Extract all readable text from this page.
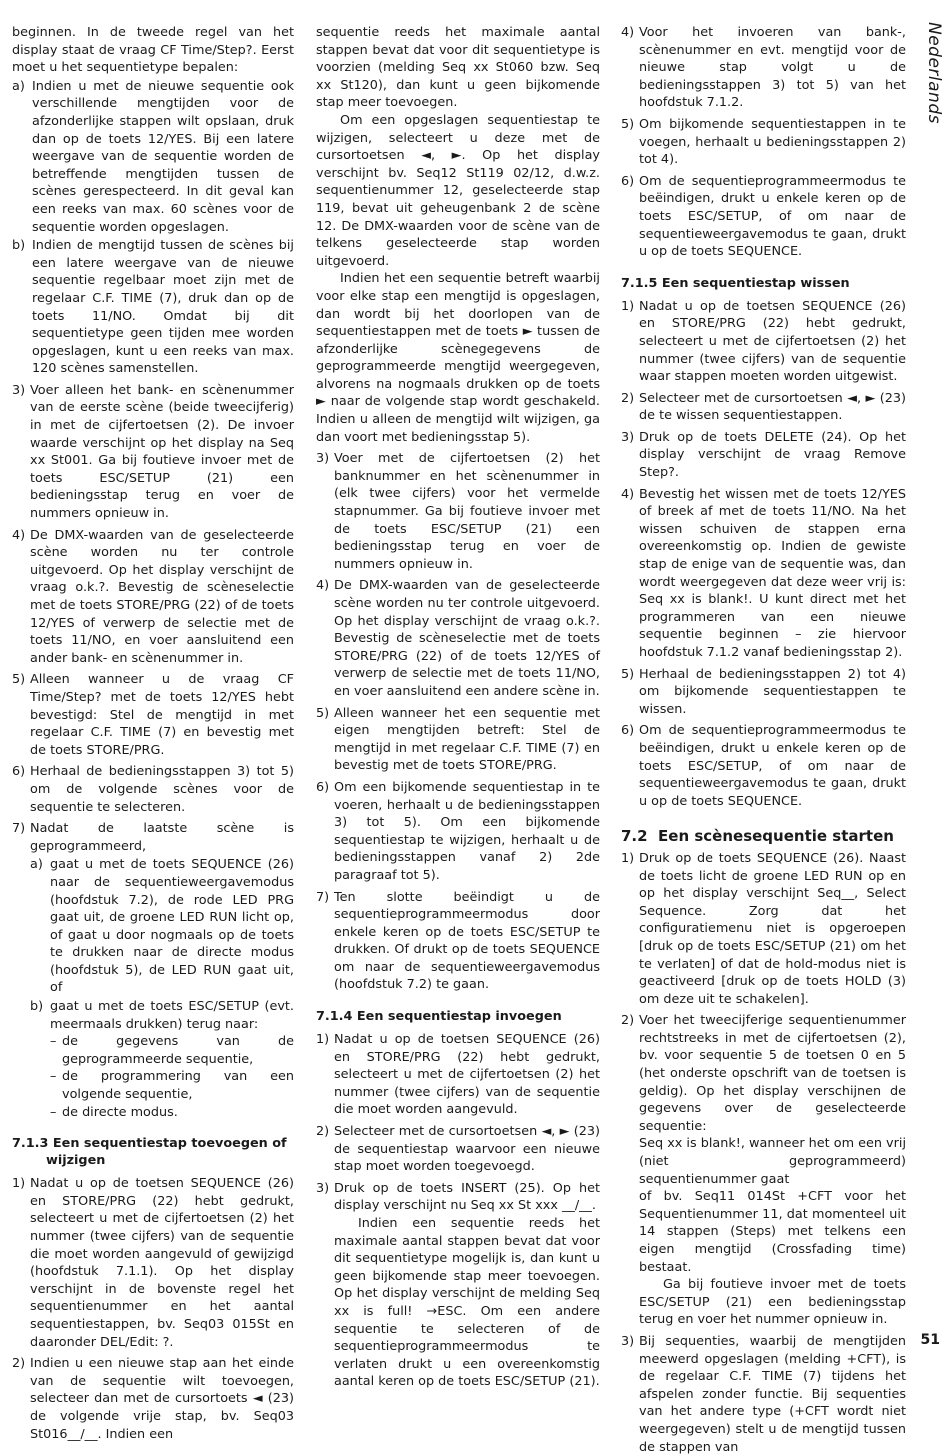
Nederlands

beginnen. In de tweede regel van het display staat de vraag CF Time/Step?. Eerst moet u het sequentietype bepalen:

a) Indien u met de nieuwe sequentie ook verschillende mengtijden voor de afzonderlijke stappen wilt opslaan, druk dan op de toets 12/YES. Bij een latere weergave van de sequentie worden de betreffende mengtijden tussen de scènes gerespecteerd. In dit geval kan een reeks van max. 60 scènes voor de sequentie worden opgeslagen.
b) Indien de mengtijd tussen de scènes bij een latere weergave van de nieuwe sequentie regelbaar moet zijn met de regelaar C.F. TIME (7), druk dan op de toets 11/NO. Omdat bij dit sequentietype geen tijden mee worden opgeslagen, kunt u een reeks van max. 120 scènes samenstellen.
3) Voer alleen het bank- en scènenummer van de eerste scène (beide tweecijferig) in met de cijfertoetsen (2). De invoer waarde verschijnt op het display na Seq xx St001. Ga bij foutieve invoer met de toets ESC/SETUP (21) een bedieningsstap terug en voer de nummers opnieuw in.
4) De DMX-waarden van de geselecteerde scène worden nu ter controle uitgevoerd. Op het display verschijnt de vraag o.k.?. Bevestig de scèneselectie met de toets STORE/PRG (22) of de toets 12/YES of verwerp de selectie met de toets 11/NO, en voer aansluitend een ander bank- en scènenummer in.
5) Alleen wanneer u de vraag CF Time/Step? met de toets 12/YES hebt bevestigd: Stel de mengtijd in met regelaar C.F. TIME (7) en bevestig met de toets STORE/PRG.
6) Herhaal de bedieningsstappen 3) tot 5) om de volgende scènes voor de sequentie te selecteren.
7) Nadat de laatste scène is geprogrammeerd,
a) gaat u met de toets SEQUENCE (26) naar de sequentieweergavemodus (hoofdstuk 7.2), de rode LED PRG gaat uit, de groene LED RUN licht op, of gaat u door nogmaals op de toets te drukken naar de directe modus (hoofdstuk 5), de LED RUN gaat uit, of
b) gaat u met de toets ESC/SETUP (evt. meermaals drukken) terug naar:
– de gegevens van de geprogrammeerde sequentie,
– de programmering van een volgende sequentie,
– de directe modus.
7.1.3 Een sequentiestap toevoegen of wijzigen
1) Nadat u op de toetsen SEQUENCE (26) en STORE/PRG (22) hebt gedrukt, selecteert u met de cijfertoetsen (2) het nummer (twee cijfers) van de sequentie die moet worden aangevuld of gewijzigd (hoofdstuk 7.1.1). Op het display verschijnt in de bovenste regel het sequentienummer en het aantal sequentiestappen, bv. Seq03 015St en daaronder DEL/Edit: ?.
2) Indien u een nieuwe stap aan het einde van de sequentie wilt toevoegen, selecteer dan met de cursortoets ◄ (23) de volgende vrije stap, bv. Seq03 St016__/__. Indien een

sequentie reeds het maximale aantal stappen bevat dat voor dit sequentietype is voorzien (melding Seq xx St060 bzw. Seq xx St120), dan kunt u geen bijkomende stap meer toevoegen.

Om een opgeslagen sequentiestap te wijzigen, selecteert u deze met de cursortoetsen ◄, ►. Op het display verschijnt bv. Seq12 St119 02/12, d.w.z. sequentienummer 12, geselecteerde stap 119, bevat uit geheugenbank 2 de scène 12. De DMX-waarden voor de scène van de telkens geselecteerde stap worden uitgevoerd.

Indien het een sequentie betreft waarbij voor elke stap een mengtijd is opgeslagen, dan wordt bij het doorlopen van de sequentiestappen met de toets ► tussen de afzonderlijke scènegegevens de geprogrammeerde mengtijd weergegeven, alvorens na nogmaals drukken op de toets ► naar de volgende stap wordt geschakeld. Indien u alleen de mengtijd wilt wijzigen, ga dan voort met bedieningsstap 5).

3) Voer met de cijfertoetsen (2) het banknummer en het scènenummer in (elk twee cijfers) voor het vermelde stapnummer. Ga bij foutieve invoer met de toets ESC/SETUP (21) een bedieningsstap terug en voer de nummers opnieuw in.
4) De DMX-waarden van de geselecteerde scène worden nu ter controle uitgevoerd. Op het display verschijnt de vraag o.k.?. Bevestig de scèneselectie met de toets STORE/PRG (22) of de toets 12/YES of verwerp de selectie met de toets 11/NO, en voer aansluitend een andere scène in.
5) Alleen wanneer het een sequentie met eigen mengtijden betreft: Stel de mengtijd in met regelaar C.F. TIME (7) en bevestig met de toets STORE/PRG.
6) Om een bijkomende sequentiestap in te voeren, herhaalt u de bedieningsstappen 3) tot 5). Om een bijkomende sequentiestap te wijzigen, herhaalt u de bedieningsstappen vanaf 2) 2de paragraaf tot 5).
7) Ten slotte beëindigt u de sequentieprogrammeermodus door enkele keren op de toets ESC/SETUP te drukken. Of drukt op de toets SEQUENCE om naar de sequentieweergavemodus (hoofdstuk 7.2) te gaan.
7.1.4 Een sequentiestap invoegen
1) Nadat u op de toetsen SEQUENCE (26) en STORE/PRG (22) hebt gedrukt, selecteert u met de cijfertoetsen (2) het nummer (twee cijfers) van de sequentie die moet worden aangevuld.
2) Selecteer met de cursortoetsen ◄, ► (23) de sequentiestap waarvoor een nieuwe stap moet worden toegevoegd.
3) Druk op de toets INSERT (25). Op het display verschijnt nu Seq xx St xxx __/__.
Indien een sequentie reeds het maximale aantal stappen bevat dat voor dit sequentietype mogelijk is, dan kunt u geen bijkomende stap meer toevoegen. Op het display verschijnt de melding Seq xx is full! →ESC. Om een andere sequentie te selecteren of de sequentieprogrammeermodus te verlaten drukt u een overeenkomstig aantal keren op de toets ESC/SETUP (21).
4) Voor het invoeren van bank-, scènenummer en evt. mengtijd voor de nieuwe stap volgt u de bedieningsstappen 3) tot 5) van het hoofdstuk 7.1.2.
5) Om bijkomende sequentiestappen in te voegen, herhaalt u bedieningsstappen 2) tot 4).
6) Om de sequentieprogrammeermodus te beëindigen, drukt u enkele keren op de toets ESC/SETUP, of om naar de sequentieweergavemodus te gaan, drukt u op de toets SEQUENCE.
7.1.5 Een sequentiestap wissen
1) Nadat u op de toetsen SEQUENCE (26) en STORE/PRG (22) hebt gedrukt, selecteert u met de cijfertoetsen (2) het nummer (twee cijfers) van de sequentie waar stappen moeten worden uitgewist.
2) Selecteer met de cursortoetsen ◄, ► (23) de te wissen sequentiestappen.
3) Druk op de toets DELETE (24). Op het display verschijnt de vraag Remove Step?.
4) Bevestig het wissen met de toets 12/YES of breek af met de toets 11/NO. Na het wissen schuiven de stappen erna overeenkomstig op. Indien de gewiste stap de enige van de sequentie was, dan wordt weergegeven dat deze weer vrij is: Seq xx is blank!. U kunt direct met het programmeren van een nieuwe sequentie beginnen – zie hiervoor hoofdstuk 7.1.2 vanaf bedieningsstap 2).
5) Herhaal de bedieningsstappen 2) tot 4) om bijkomende sequentiestappen te wissen.
6) Om de sequentieprogrammeermodus te beëindigen, drukt u enkele keren op de toets ESC/SETUP, of om naar de sequentieweergavemodus te gaan, drukt u op de toets SEQUENCE.
7.2 Een scènesequentie starten
1) Druk op de toets SEQUENCE (26). Naast de toets licht de groene LED RUN op en op het display verschijnt Seq__, Select Sequence. Zorg dat het configuratiemenu niet is opgeroepen [druk op de toets ESC/SETUP (21) om het te verlaten] of dat de hold-modus niet is geactiveerd [druk op de toets HOLD (3) om deze uit te schakelen].
2) Voer het tweecijferige sequentienummer rechtstreeks in met de cijfertoetsen (2), bv. voor sequentie 5 de toetsen 0 en 5 (het onderste opschrift van de toetsen is geldig). Op het display verschijnen de gegevens over de geselecteerde sequentie:
Seq xx is blank!, wanneer het om een vrij (niet geprogrammeerd) sequentienummer gaat
of bv. Seq11 014St +CFT voor het Sequentienummer 11, dat momenteel uit 14 stappen (Steps) met telkens een eigen mengtijd (Crossfading time) bestaat.
Ga bij foutieve invoer met de toets ESC/SETUP (21) een bedieningsstap terug en voer het nummer opnieuw in.
3) Bij sequenties, waarbij de mengtijden meewerd opgeslagen (melding +CFT), is de regelaar C.F. TIME (7) tijdens het afspelen zonder functie. Bij sequenties van het andere type (+CFT wordt niet weergegeven) stelt u de mengtijd tussen de stappen van
51
